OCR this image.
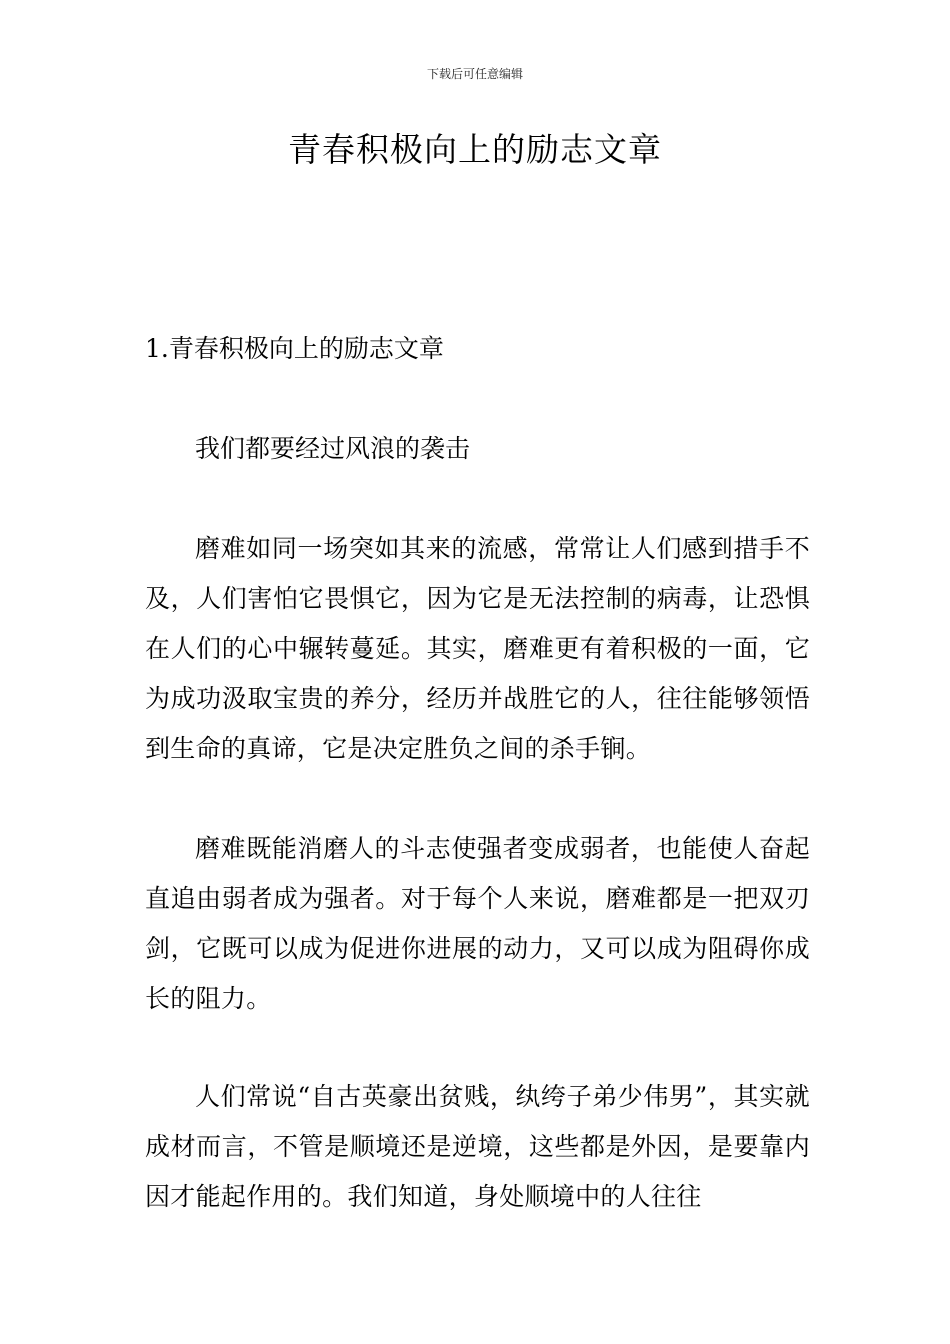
下载后可任意编辑
青春积极向上的励志文章

1.青春积极向上的励志文章

我们都要经过风浪的袭击

磨难如同一场突如其来的流感，常常让人们感到措手不及，人们害怕它畏惧它，因为它是无法控制的病毒，让恐惧在人们的心中辗转蔓延。其实，磨难更有着积极的一面，它为成功汲取宝贵的养分，经历并战胜它的人，往往能够领悟到生命的真谛，它是决定胜负之间的杀手锏。

磨难既能消磨人的斗志使强者变成弱者，也能使人奋起直追由弱者成为强者。对于每个人来说，磨难都是一把双刃剑，它既可以成为促进你进展的动力，又可以成为阻碍你成长的阻力。

人们常说“自古英豪出贫贱，纨绔子弟少伟男”，其实就成材而言，不管是顺境还是逆境，这些都是外因，是要靠内因才能起作用的。我们知道，身处顺境中的人往往
